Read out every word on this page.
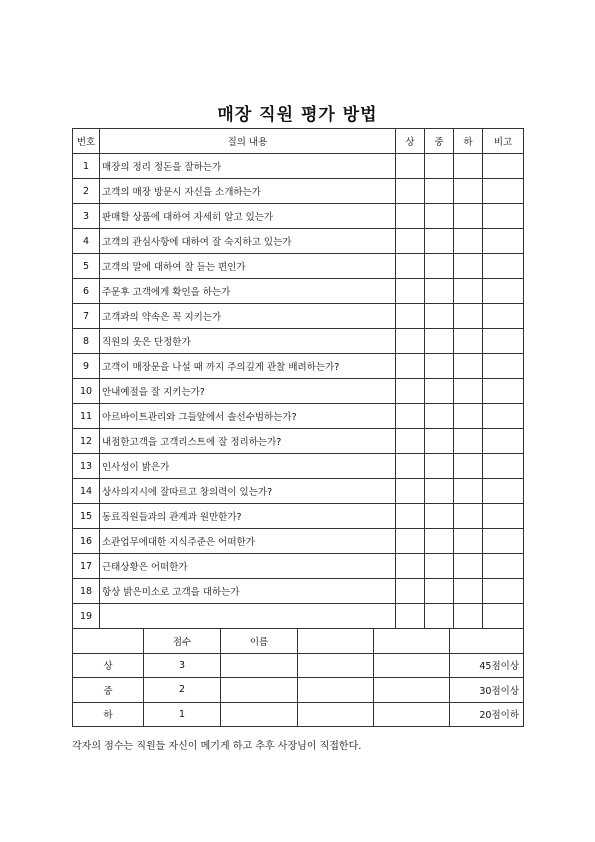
매장 직원 평가 방법
번호	질의 내용	상	중	하	비고
1	매장의 정리 정돈을 잘하는가				
2	고객의 매장 방문시 자신을 소개하는가				
3	판매할 상품에 대하여 자세히 알고 있는가				
4	고객의 관심사항에 대하여 잘 숙지하고 있는가				
5	고객의 말에 대하여 잘 듣는 편인가				
6	주문후 고객에게 확인을 하는가				
7	고객과의 약속은 꼭 지키는가				
8	직원의 옷은 단정한가				
9	고객이 매장문을 나설 때 까지 주의깊게 관찰 배려하는가?				
10	안내예절을 잘 지키는가?				
11	아르바이트관리와 그들앞에서 솔선수범하는가?				
12	내점한고객을 고객리스트에 잘 정리하는가?				
13	인사성이 밝은가				
14	상사의지시에 잘따르고 창의력이 있는가?				
15	동료직원들과의 관계과 원만한가?				
16	소관업무에대한 지식주준은 어떠한가				
17	근태상황은 어떠한가				
18	항상 밝은미소로 고객을 대하는가				
19					
	점수	이름			
상	3				45점이상
중	2				30점이상
하	1				20점이하
각자의 점수는 직원들 자신이 메기게 하고 추후 사장님이 직접한다.
